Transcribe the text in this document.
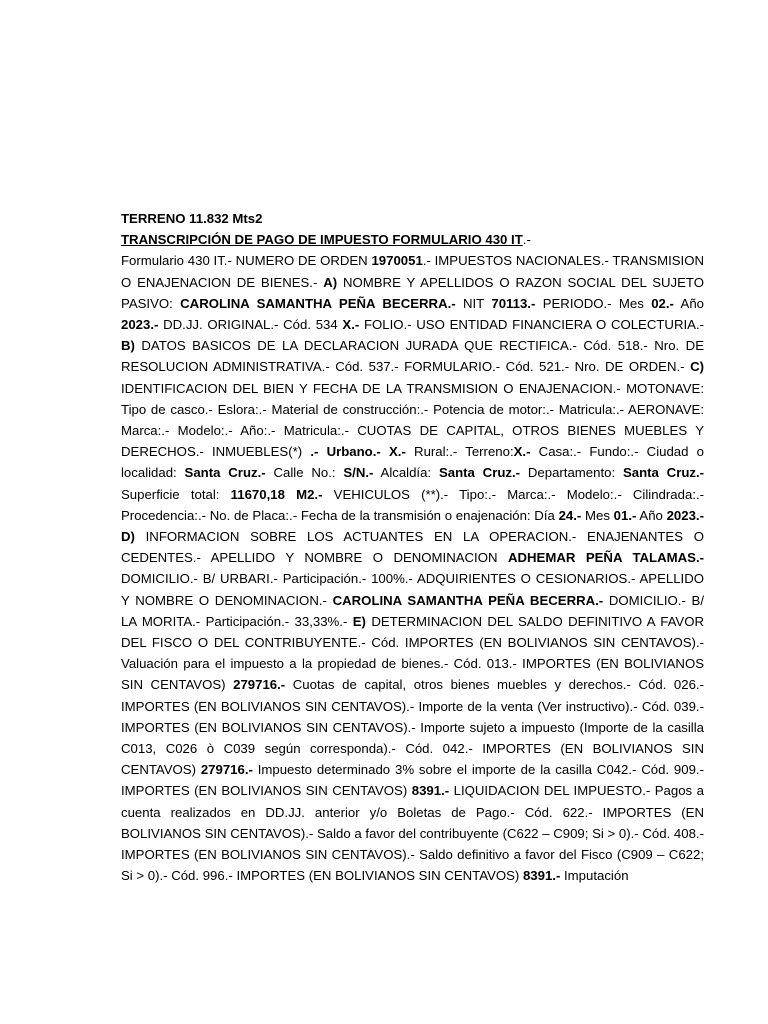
TERRENO 11.832 Mts2
TRANSCRIPCIÓN DE PAGO DE IMPUESTO FORMULARIO 430 IT.-

Formulario 430 IT.- NUMERO DE ORDEN 1970051.- IMPUESTOS NACIONALES.- TRANSMISION O ENAJENACION DE BIENES.- A) NOMBRE Y APELLIDOS O RAZON SOCIAL DEL SUJETO PASIVO: CAROLINA SAMANTHA PEÑA BECERRA.- NIT 70113.- PERIODO.- Mes 02.- Año 2023.- DD.JJ. ORIGINAL.- Cód. 534 X.- FOLIO.- USO ENTIDAD FINANCIERA O COLECTURIA.- B) DATOS BASICOS DE LA DECLARACION JURADA QUE RECTIFICA.- Cód. 518.- Nro. DE RESOLUCION ADMINISTRATIVA.- Cód. 537.- FORMULARIO.- Cód. 521.- Nro. DE ORDEN.- C) IDENTIFICACION DEL BIEN Y FECHA DE LA TRANSMISION O ENAJENACION.- MOTONAVE: Tipo de casco.- Eslora:.- Material de construcción:.- Potencia de motor:.- Matricula:.- AERONAVE: Marca:.- Modelo:.- Año:.- Matricula:.- CUOTAS DE CAPITAL, OTROS BIENES MUEBLES Y DERECHOS.- INMUEBLES(*) .- Urbano.- X.- Rural:.- Terreno:X.- Casa:.- Fundo:.- Ciudad o localidad: Santa Cruz.- Calle No.: S/N.- Alcaldía: Santa Cruz.- Departamento: Santa Cruz.- Superficie total: 11670,18 M2.- VEHICULOS (**).- Tipo:.- Marca:.- Modelo:.- Cilindrada:.- Procedencia:.- No. de Placa:.- Fecha de la transmisión o enajenación: Día 24.- Mes 01.- Año 2023.- D) INFORMACION SOBRE LOS ACTUANTES EN LA OPERACION.- ENAJENANTES O CEDENTES.- APELLIDO Y NOMBRE O DENOMINACION ADHEMAR PEÑA TALAMAS.- DOMICILIO.- B/ URBARI.- Participación.- 100%.- ADQUIRIENTES O CESIONARIOS.- APELLIDO Y NOMBRE O DENOMINACION.- CAROLINA SAMANTHA PEÑA BECERRA.- DOMICILIO.- B/ LA MORITA.- Participación.- 33,33%.- E) DETERMINACION DEL SALDO DEFINITIVO A FAVOR DEL FISCO O DEL CONTRIBUYENTE.- Cód. IMPORTES (EN BOLIVIANOS SIN CENTAVOS).- Valuación para el impuesto a la propiedad de bienes.- Cód. 013.- IMPORTES (EN BOLIVIANOS SIN CENTAVOS) 279716.- Cuotas de capital, otros bienes muebles y derechos.- Cód. 026.- IMPORTES (EN BOLIVIANOS SIN CENTAVOS).- Importe de la venta (Ver instructivo).- Cód. 039.- IMPORTES (EN BOLIVIANOS SIN CENTAVOS).- Importe sujeto a impuesto (Importe de la casilla C013, C026 ò C039 según corresponda).- Cód. 042.- IMPORTES (EN BOLIVIANOS SIN CENTAVOS) 279716.- Impuesto determinado 3% sobre el importe de la casilla C042.- Cód. 909.- IMPORTES (EN BOLIVIANOS SIN CENTAVOS) 8391.- LIQUIDACION DEL IMPUESTO.- Pagos a cuenta realizados en DD.JJ. anterior y/o Boletas de Pago.- Cód. 622.- IMPORTES (EN BOLIVIANOS SIN CENTAVOS).- Saldo a favor del contribuyente (C622 – C909; Si > 0).- Cód. 408.- IMPORTES (EN BOLIVIANOS SIN CENTAVOS).- Saldo definitivo a favor del Fisco (C909 – C622; Si > 0).- Cód. 996.- IMPORTES (EN BOLIVIANOS SIN CENTAVOS) 8391.- Imputación
